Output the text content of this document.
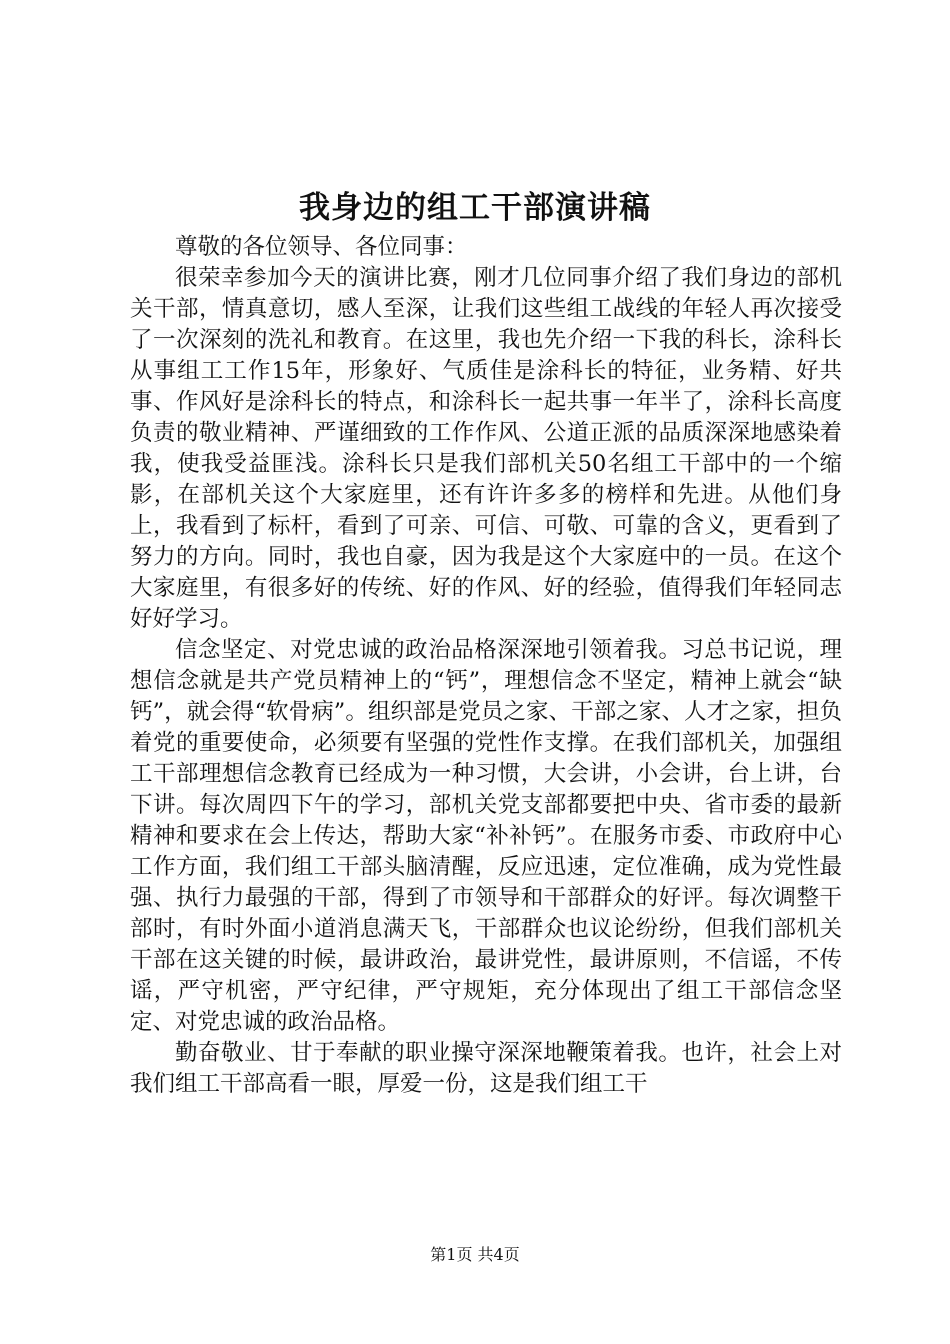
我身边的组工干部演讲稿

尊敬的各位领导、各位同事：

很荣幸参加今天的演讲比赛，刚才几位同事介绍了我们身边的部机关干部，情真意切，感人至深，让我们这些组工战线的年轻人再次接受了一次深刻的洗礼和教育。在这里，我也先介绍一下我的科长，涂科长从事组工工作15年，形象好、气质佳是涂科长的特征，业务精、好共事、作风好是涂科长的特点，和涂科长一起共事一年半了，涂科长高度负责的敬业精神、严谨细致的工作作风、公道正派的品质深深地感染着我，使我受益匪浅。涂科长只是我们部机关50名组工干部中的一个缩影，在部机关这个大家庭里，还有许许多多的榜样和先进。从他们身上，我看到了标杆，看到了可亲、可信、可敬、可靠的含义，更看到了努力的方向。同时，我也自豪，因为我是这个大家庭中的一员。在这个大家庭里，有很多好的传统、好的作风、好的经验，值得我们年轻同志好好学习。

信念坚定、对党忠诚的政治品格深深地引领着我。习总书记说，理想信念就是共产党员精神上的“钙”，理想信念不坚定，精神上就会“缺钙”，就会得“软骨病”。组织部是党员之家、干部之家、人才之家，担负着党的重要使命，必须要有坚强的党性作支撑。在我们部机关，加强组工干部理想信念教育已经成为一种习惯，大会讲，小会讲，台上讲，台下讲。每次周四下午的学习，部机关党支部都要把中央、省市委的最新精神和要求在会上传达，帮助大家“补补钙”。在服务市委、市政府中心工作方面，我们组工干部头脑清醒，反应迅速，定位准确，成为党性最强、执行力最强的干部，得到了市领导和干部群众的好评。每次调整干部时，有时外面小道消息满天飞，干部群众也议论纷纷，但我们部机关干部在这关键的时候，最讲政治，最讲党性，最讲原则，不信谣，不传谣，严守机密，严守纪律，严守规矩，充分体现出了组工干部信念坚定、对党忠诚的政治品格。

勤奋敬业、甘于奉献的职业操守深深地鞭策着我。也许，社会上对我们组工干部高看一眼，厚爱一份，这是我们组工干

第1页 共4页
